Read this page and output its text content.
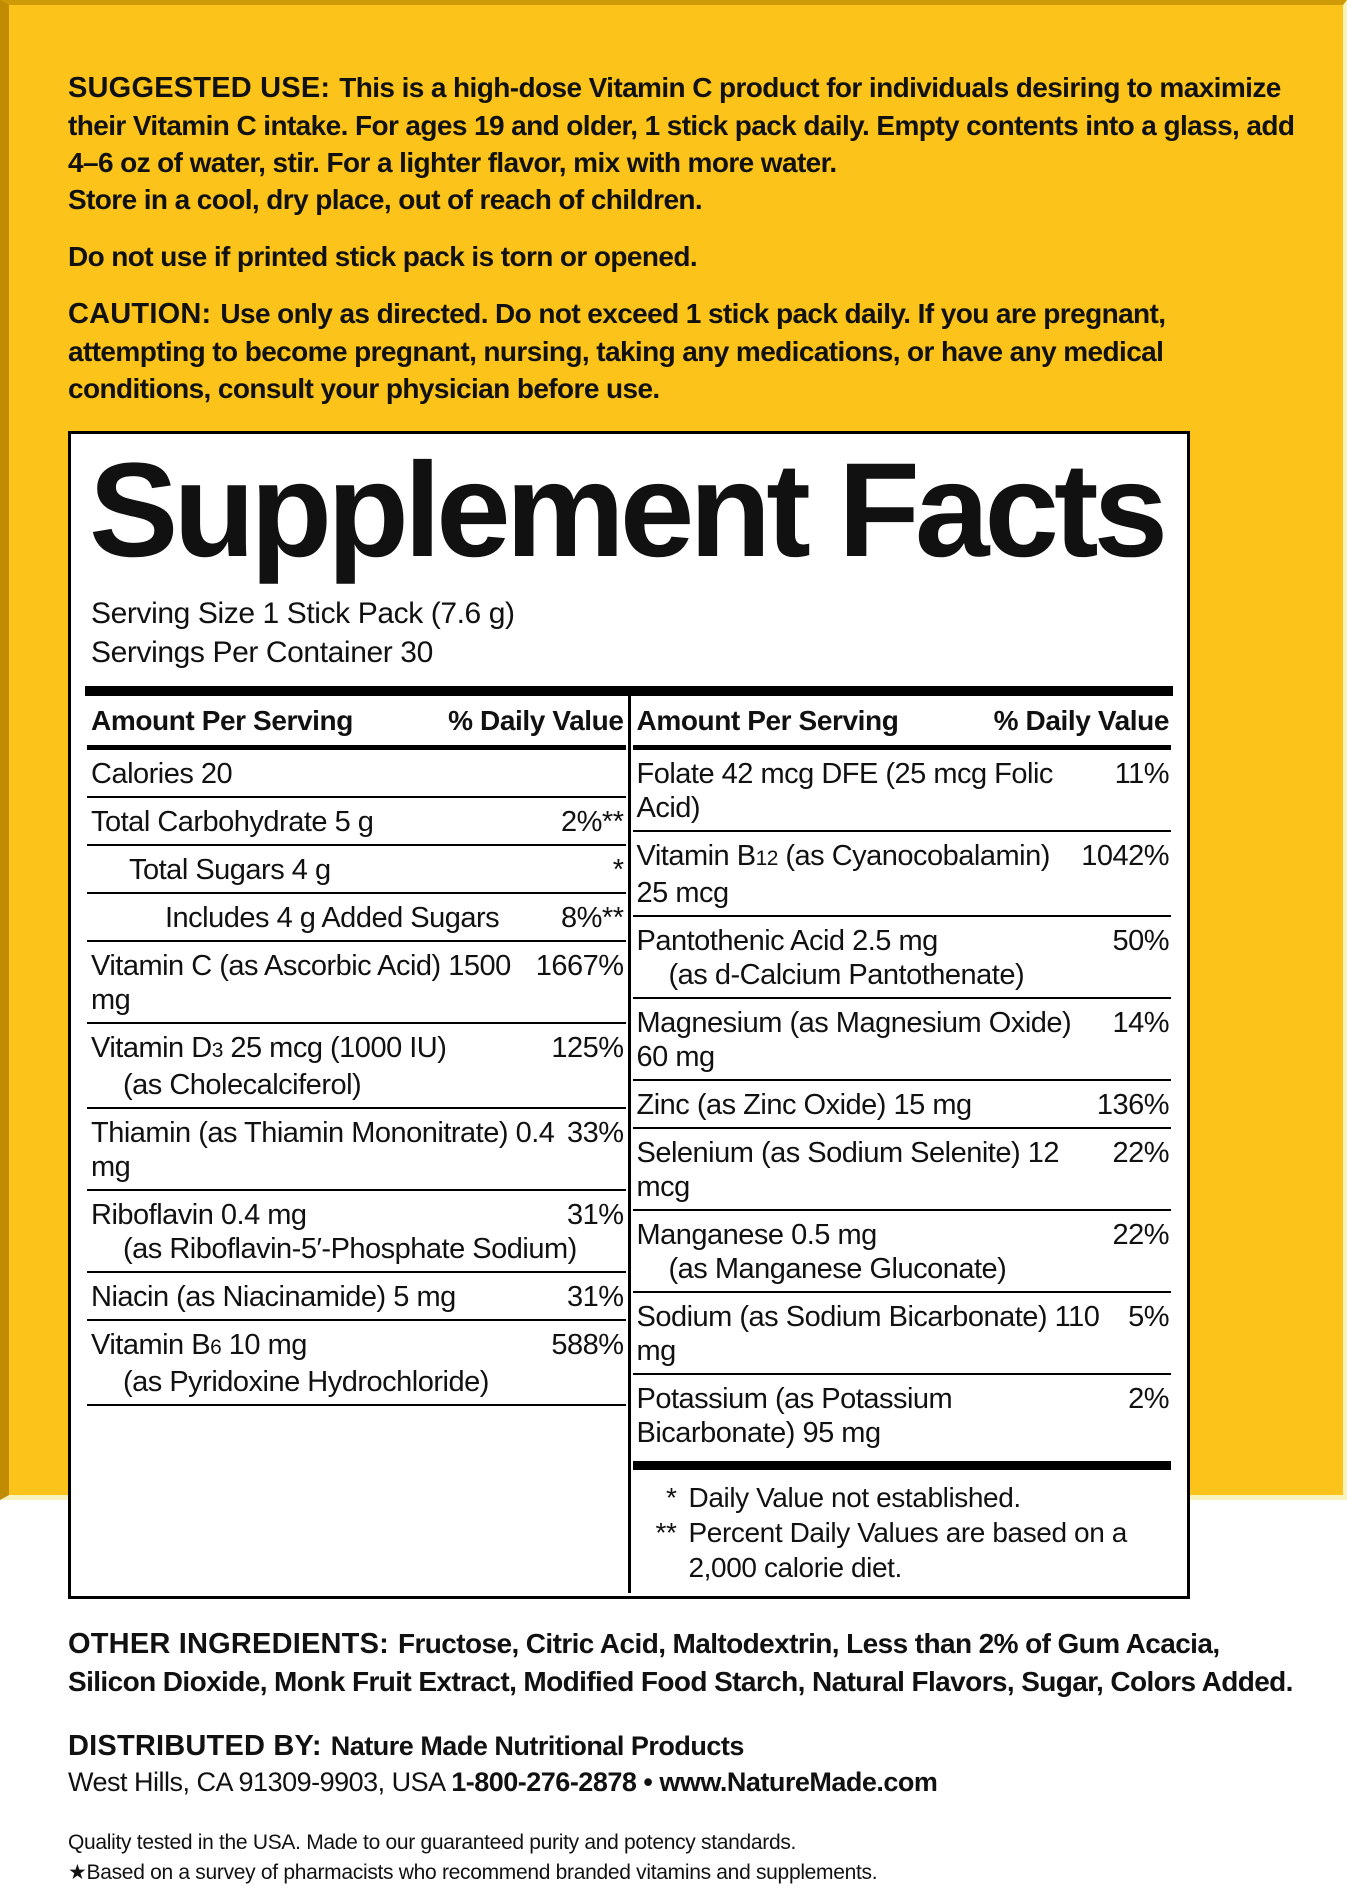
SUGGESTED USE: This is a high-dose Vitamin C product for individuals desiring to maximize their Vitamin C intake. For ages 19 and older, 1 stick pack daily. Empty contents into a glass, add 4–6 oz of water, stir. For a lighter flavor, mix with more water.
Store in a cool, dry place, out of reach of children.

Do not use if printed stick pack is torn or opened.

CAUTION: Use only as directed. Do not exceed 1 stick pack daily. If you are pregnant, attempting to become pregnant, nursing, taking any medications, or have any medical conditions, consult your physician before use.

Supplement Facts
Serving Size 1 Stick Pack (7.6 g)
Servings Per Container 30
Amount Per Serving	% Daily Value
Calories 20
Total Carbohydrate 5 g	2%**
Total Sugars 4 g	*
Includes 4 g Added Sugars	8%**
Vitamin C (as Ascorbic Acid) 1500 mg
1667%
Vitamin D3 25 mcg (1000 IU)	125%
(as Cholecalciferol)
Thiamin (as Thiamin Mononitrate) 0.4 mg
33%
Riboflavin 0.4 mg	31%
(as Riboflavin-5′-Phosphate Sodium)
Niacin (as Niacinamide) 5 mg	31%
Vitamin B6 10 mg	588%
(as Pyridoxine Hydrochloride)
Amount Per Serving	% Daily Value
Folate 42 mcg DFE (25 mcg Folic Acid)
11%
Vitamin B12 (as Cyanocobalamin) 25 mcg
1042%
Pantothenic Acid 2.5 mg	50%
(as d-Calcium Pantothenate)
Magnesium (as Magnesium Oxide) 60 mg
14%
Zinc (as Zinc Oxide) 15 mg	136%
Selenium (as Sodium Selenite) 12 mcg
22%
Manganese 0.5 mg	22%
(as Manganese Gluconate)
Sodium (as Sodium Bicarbonate) 110 mg
5%
Potassium (as Potassium Bicarbonate) 95 mg
2%
* Daily Value not established.
** Percent Daily Values are based on a 2,000 calorie diet.

OTHER INGREDIENTS: Fructose, Citric Acid, Maltodextrin, Less than 2% of Gum Acacia, Silicon Dioxide, Monk Fruit Extract, Modified Food Starch, Natural Flavors, Sugar, Colors Added.

DISTRIBUTED BY: Nature Made Nutritional Products
West Hills, CA 91309-9903, USA 1-800-276-2878 • www.NatureMade.com

Quality tested in the USA. Made to our guaranteed purity and potency standards.
★Based on a survey of pharmacists who recommend branded vitamins and supplements.
